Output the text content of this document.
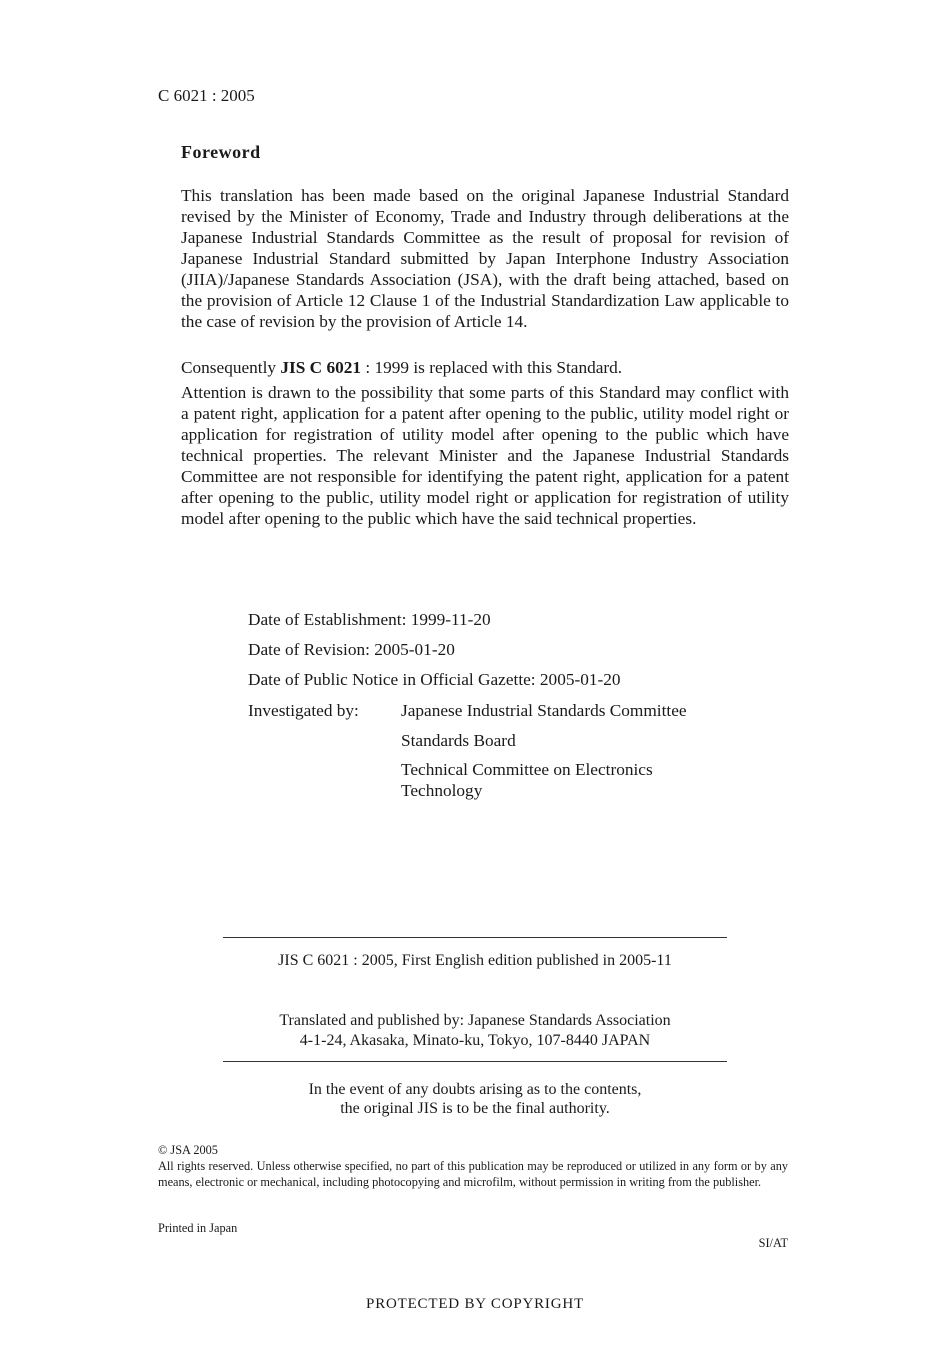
C 6021 : 2005
Foreword
This translation has been made based on the original Japanese Industrial Standard revised by the Minister of Economy, Trade and Industry through deliberations at the Japanese Industrial Standards Committee as the result of proposal for revision of Japanese Industrial Standard submitted by Japan Interphone Industry Association (JIIA)/Japanese Standards Association (JSA), with the draft being attached, based on the provision of Article 12 Clause 1 of the Industrial Standardization Law applicable to the case of revision by the provision of Article 14.
Consequently JIS C 6021 : 1999 is replaced with this Standard.
Attention is drawn to the possibility that some parts of this Standard may conflict with a patent right, application for a patent after opening to the public, utility model right or application for registration of utility model after opening to the public which have technical properties. The relevant Minister and the Japanese Industrial Standards Committee are not responsible for identifying the patent right, application for a patent after opening to the public, utility model right or application for registration of utility model after opening to the public which have the said technical properties.
Date of Establishment: 1999-11-20
Date of Revision: 2005-01-20
Date of Public Notice in Official Gazette: 2005-01-20
Investigated by: Japanese Industrial Standards Committee
Standards Board
Technical Committee on Electronics Technology
JIS C 6021 : 2005, First English edition published in 2005-11
Translated and published by: Japanese Standards Association
4-1-24, Akasaka, Minato-ku, Tokyo, 107-8440 JAPAN
In the event of any doubts arising as to the contents,
the original JIS is to be the final authority.
© JSA 2005
All rights reserved. Unless otherwise specified, no part of this publication may be reproduced or utilized in any form or by any means, electronic or mechanical, including photocopying and microfilm, without permission in writing from the publisher.
Printed in Japan
SI/AT
PROTECTED BY COPYRIGHT
